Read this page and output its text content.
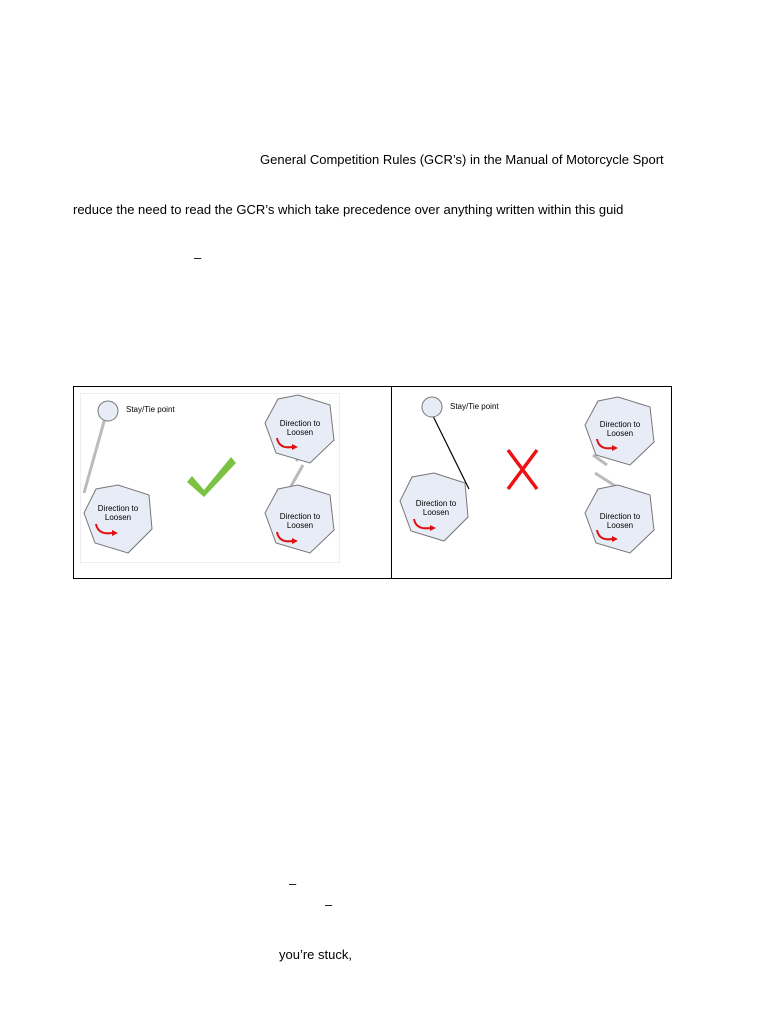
General Competition Rules (GCR’s) in the Manual of Motorcycle Sport
reduce the need to read the GCR’s which take precedence over anything written within this guid
–
Stay/Tie point
Direction to
Loosen
Direction to
Loosen
Direction to
Loosen
Stay/Tie point
Direction to
Loosen
Direction to
Loosen
Direction to
Loosen
–
–
you’re stuck,
